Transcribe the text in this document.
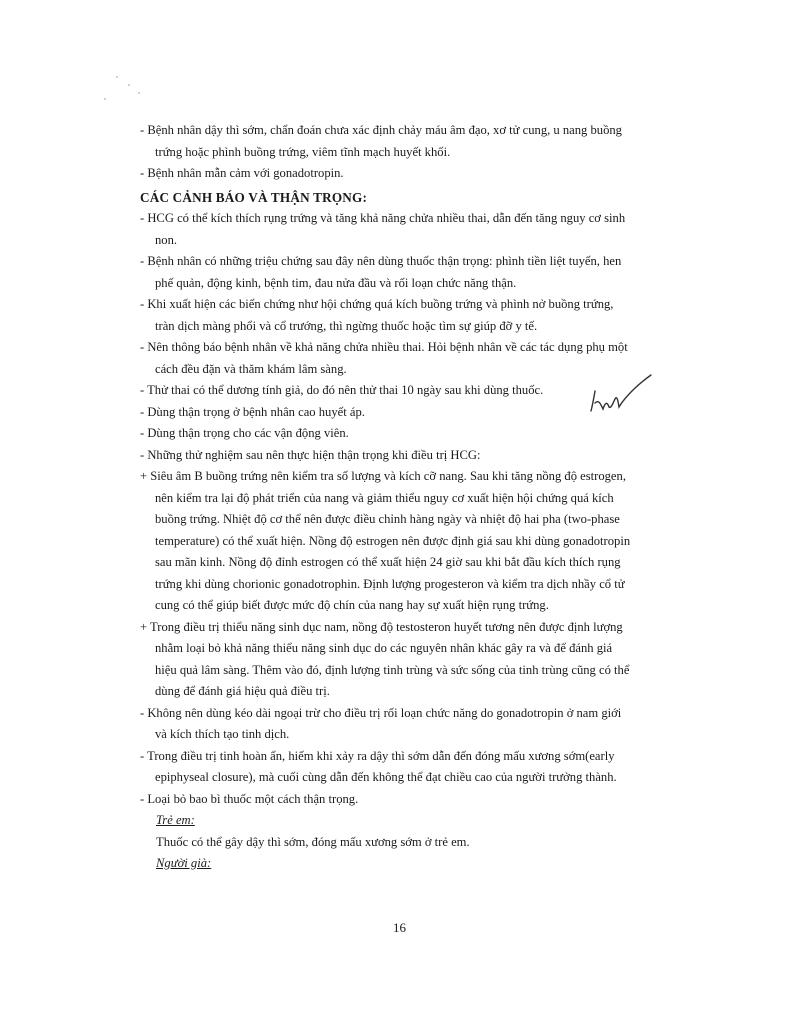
- Bệnh nhân dậy thì sớm, chẩn đoán chưa xác định chảy máu âm đạo, xơ tử cung, u nang buồng
trứng hoặc phình buồng trứng, viêm tĩnh mạch huyết khối.
- Bệnh nhân mẫn cảm với gonadotropin.
CÁC CẢNH BÁO VÀ THẬN TRỌNG:
- HCG có thể kích thích rụng trứng và tăng khả năng chửa nhiều thai, dẫn đến tăng nguy cơ sinh
non.
- Bệnh nhân có những triệu chứng sau đây nên dùng thuốc thận trọng: phình tiền liệt tuyến, hen
phế quản, động kinh, bệnh tim, đau nửa đầu và rối loạn chức năng thận.
- Khi xuất hiện các biến chứng như hội chứng quá kích buồng trứng và phình nở buồng trứng,
tràn dịch màng phổi và cổ trướng, thì ngừng thuốc hoặc tìm sự giúp đỡ y tế.
- Nên thông báo bệnh nhân về khả năng chửa nhiều thai. Hỏi bệnh nhân về các tác dụng phụ một
cách đều đặn và thăm khám lâm sàng.
- Thử thai có thể dương tính giả, do đó nên thử thai 10 ngày sau khi dùng thuốc.
- Dùng thận trọng ở bệnh nhân cao huyết áp.
- Dùng thận trọng cho các vận động viên.
- Những thử nghiệm sau nên thực hiện thận trọng khi điều trị HCG:
+ Siêu âm B buồng trứng nên kiểm tra số lượng và kích cỡ nang. Sau khi tăng nồng độ estrogen,
nên kiểm tra lại độ phát triển của nang và giảm thiểu nguy cơ xuất hiện hội chứng quá kích
buồng trứng. Nhiệt độ cơ thể nên được điều chỉnh hàng ngày và nhiệt độ hai pha (two-phase
temperature) có thể xuất hiện. Nồng độ estrogen nên được định giá sau khi dùng gonadotropin
sau mãn kinh. Nồng độ đỉnh estrogen có thể xuất hiện 24 giờ sau khi bắt đầu kích thích rụng
trứng khi dùng chorionic gonadotrophin. Định lượng progesteron và kiểm tra dịch nhầy cổ tử
cung có thể giúp biết được mức độ chín của nang hay sự xuất hiện rụng trứng.
+ Trong điều trị thiểu năng sinh dục nam, nồng độ testosteron huyết tương nên được định lượng
nhằm loại bỏ khả năng thiểu năng sinh dục do các nguyên nhân khác gây ra và để đánh giá
hiệu quả lâm sàng. Thêm vào đó, định lượng tinh trùng và sức sống của tinh trùng cũng có thể
dùng để đánh giá hiệu quả điều trị.
- Không nên dùng kéo dài ngoại trừ cho điều trị rối loạn chức năng do gonadotropin ở nam giới
và kích thích tạo tinh dịch.
- Trong điều trị tinh hoàn ẩn, hiếm khi xảy ra dậy thì sớm dẫn đến đóng mấu xương sớm(early
epiphyseal closure), mà cuối cùng dẫn đến không thể đạt chiều cao của người trưởng thành.
- Loại bỏ bao bì thuốc một cách thận trọng.
Trẻ em:
Thuốc có thể gây dậy thì sớm, đóng mấu xương sớm ở trẻ em.
Người già:
16
